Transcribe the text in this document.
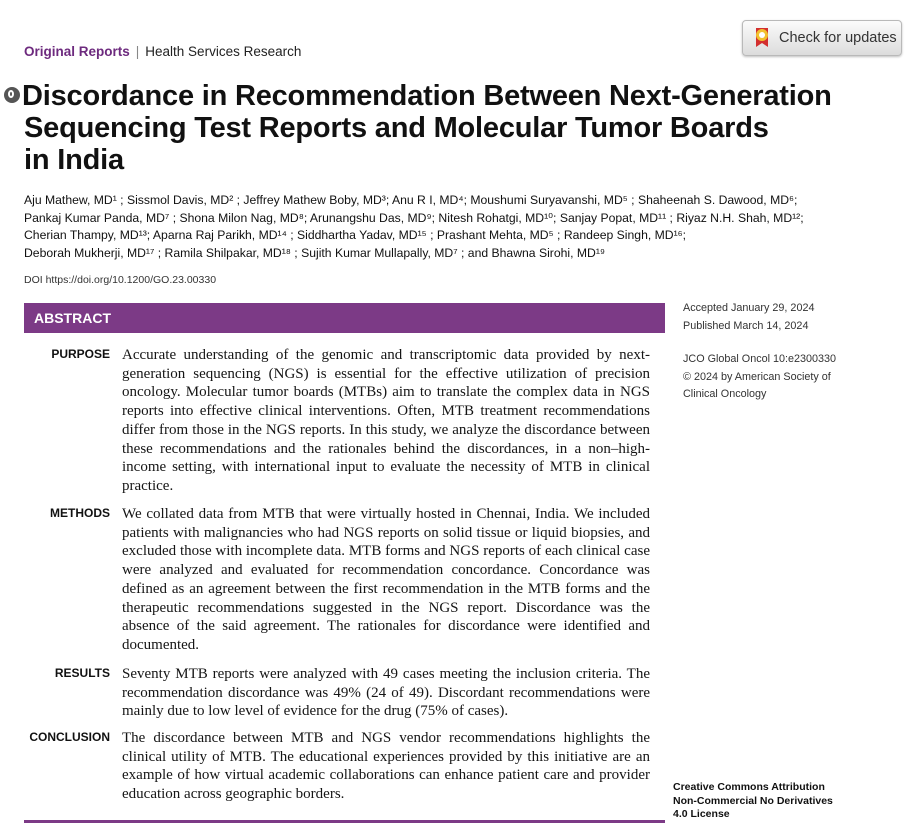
Original Reports | Health Services Research
Check for updates
Discordance in Recommendation Between Next-Generation
Sequencing Test Reports and Molecular Tumor Boards
in India
Aju Mathew, MD¹ ; Sissmol Davis, MD² ; Jeffrey Mathew Boby, MD³; Anu R I, MD⁴; Moushumi Suryavanshi, MD⁵ ; Shaheenah S. Dawood, MD⁶;
Pankaj Kumar Panda, MD⁷ ; Shona Milon Nag, MD⁸; Arunangshu Das, MD⁹; Nitesh Rohatgi, MD¹⁰; Sanjay Popat, MD¹¹ ; Riyaz N.H. Shah, MD¹²;
Cherian Thampy, MD¹³; Aparna Raj Parikh, MD¹⁴ ; Siddhartha Yadav, MD¹⁵ ; Prashant Mehta, MD⁵ ; Randeep Singh, MD¹⁶;
Deborah Mukherji, MD¹⁷ ; Ramila Shilpakar, MD¹⁸ ; Sujith Kumar Mullapally, MD⁷ ; and Bhawna Sirohi, MD¹⁹
DOI https://doi.org/10.1200/GO.23.00330
ABSTRACT
PURPOSE Accurate understanding of the genomic and transcriptomic data provided by next-generation sequencing (NGS) is essential for the effective utilization of precision oncology. Molecular tumor boards (MTBs) aim to translate the complex data in NGS reports into effective clinical interventions. Often, MTB treatment recommendations differ from those in the NGS reports. In this study, we analyze the discordance between these recommendations and the rationales behind the discordances, in a non–high-income setting, with international input to evaluate the necessity of MTB in clinical practice.
METHODS We collated data from MTB that were virtually hosted in Chennai, India. We included patients with malignancies who had NGS reports on solid tissue or liquid biopsies, and excluded those with incomplete data. MTB forms and NGS reports of each clinical case were analyzed and evaluated for recommendation concordance. Concordance was defined as an agreement between the first recommendation in the MTB forms and the therapeutic recommendations suggested in the NGS report. Discordance was the absence of the said agreement. The rationales for discordance were identified and documented.
RESULTS Seventy MTB reports were analyzed with 49 cases meeting the inclusion criteria. The recommendation discordance was 49% (24 of 49). Discordant recommendations were mainly due to low level of evidence for the drug (75% of cases).
CONCLUSION The discordance between MTB and NGS vendor recommendations highlights the clinical utility of MTB. The educational experiences provided by this initiative are an example of how virtual academic collaborations can enhance patient care and provider education across geographic borders.
Accepted January 29, 2024
Published March 14, 2024
JCO Global Oncol 10:e2300330
© 2024 by American Society of
Clinical Oncology
Creative Commons Attribution
Non-Commercial No Derivatives
4.0 License
